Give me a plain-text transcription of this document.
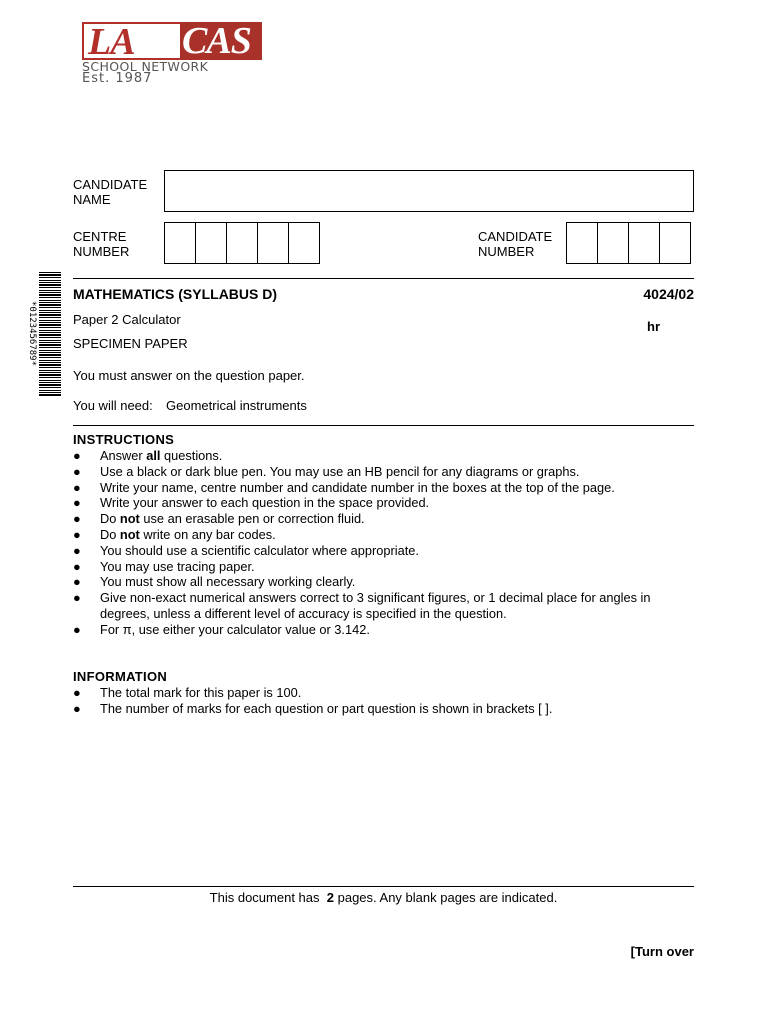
LA	CAS
SCHOOL NETWORK
Est. 1987
CANDIDATE
NAME
CENTRE
NUMBER
CANDIDATE
NUMBER
*0123456789*
MATHEMATICS (SYLLABUS D)	4024/02
Paper 2 Calculator	hr
SPECIMEN PAPER
You must answer on the question paper.
You will need: Geometrical instruments
INSTRUCTIONS
● Answer all questions.
● Use a black or dark blue pen. You may use an HB pencil for any diagrams or graphs.
● Write your name, centre number and candidate number in the boxes at the top of the page.
● Write your answer to each question in the space provided.
● Do not use an erasable pen or correction fluid.
● Do not write on any bar codes.
● You should use a scientific calculator where appropriate.
● You may use tracing paper.
● You must show all necessary working clearly.
● Give non-exact numerical answers correct to 3 significant figures, or 1 decimal place for angles in degrees, unless a different level of accuracy is specified in the question.
● For π, use either your calculator value or 3.142.
INFORMATION
● The total mark for this paper is 100.
● The number of marks for each question or part question is shown in brackets [ ].
This document has 2 pages. Any blank pages are indicated.
[Turn over
